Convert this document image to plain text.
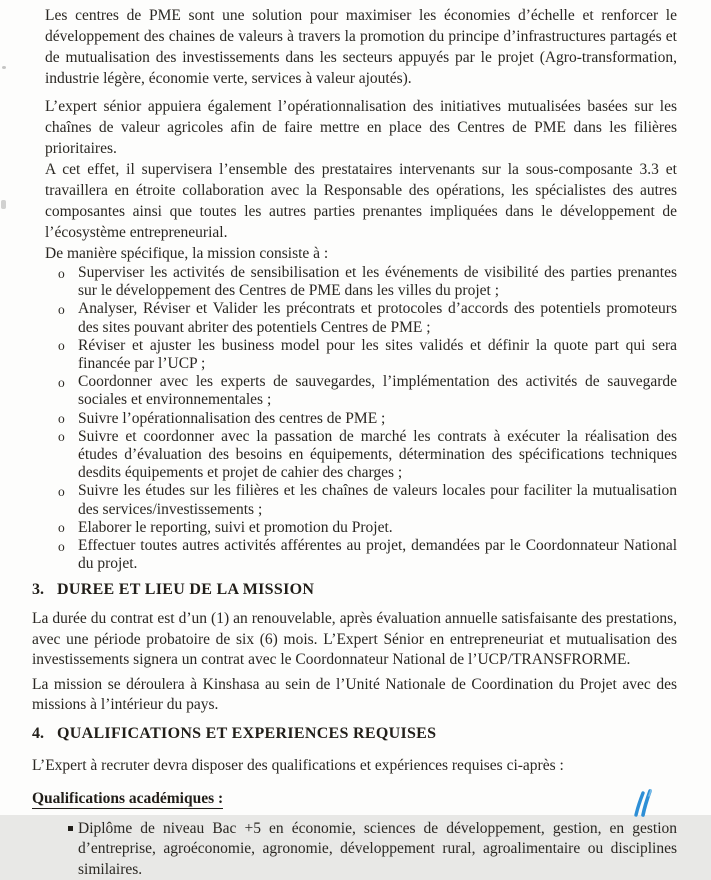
Les centres de PME sont une solution pour maximiser les économies d’échelle et renforcer le développement des chaines de valeurs à travers la promotion du principe d’infrastructures partagés et de mutualisation des investissements dans les secteurs appuyés par le projet (Agro-transformation, industrie légère, économie verte, services à valeur ajoutés).

L’expert sénior appuiera également l’opérationnalisation des initiatives mutualisées basées sur les chaînes de valeur agricoles afin de faire mettre en place des Centres de PME dans les filières prioritaires.

A cet effet, il supervisera l’ensemble des prestataires intervenants sur la sous-composante 3.3 et travaillera en étroite collaboration avec la Responsable des opérations, les spécialistes des autres composantes ainsi que toutes les autres parties prenantes impliquées dans le développement de l’écosystème entrepreneurial.

De manière spécifique, la mission consiste à :

o Superviser les activités de sensibilisation et les événements de visibilité des parties prenantes sur le développement des Centres de PME dans les villes du projet ;
o Analyser, Réviser et Valider les précontrats et protocoles d’accords des potentiels promoteurs des sites pouvant abriter des potentiels Centres de PME ;
o Réviser et ajuster les business model pour les sites validés et définir la quote part qui sera financée par l’UCP ;
o Coordonner avec les experts de sauvegardes, l’implémentation des activités de sauvegarde sociales et environnementales ;
o Suivre l’opérationnalisation des centres de PME ;
o Suivre et coordonner avec la passation de marché les contrats à exécuter la réalisation des études d’évaluation des besoins en équipements, détermination des spécifications techniques desdits équipements et projet de cahier des charges ;
o Suivre les études sur les filières et les chaînes de valeurs locales pour faciliter la mutualisation des services/investissements ;
o Elaborer le reporting, suivi et promotion du Projet.
o Effectuer toutes autres activités afférentes au projet, demandées par le Coordonnateur National du projet.
3. DUREE ET LIEU DE LA MISSION

La durée du contrat est d’un (1) an renouvelable, après évaluation annuelle satisfaisante des prestations, avec une période probatoire de six (6) mois. L’Expert Sénior en entrepreneuriat et mutualisation des investissements signera un contrat avec le Coordonnateur National de l’UCP/TRANSFRORME.

La mission se déroulera à Kinshasa au sein de l’Unité Nationale de Coordination du Projet avec des missions à l’intérieur du pays.

4. QUALIFICATIONS ET EXPERIENCES REQUISES

L’Expert à recruter devra disposer des qualifications et expériences requises ci-après :

Qualifications académiques :
Diplôme de niveau Bac +5 en économie, sciences de développement, gestion, en gestion d’entreprise, agroéconomie, agronomie, développement rural, agroalimentaire ou disciplines similaires.
